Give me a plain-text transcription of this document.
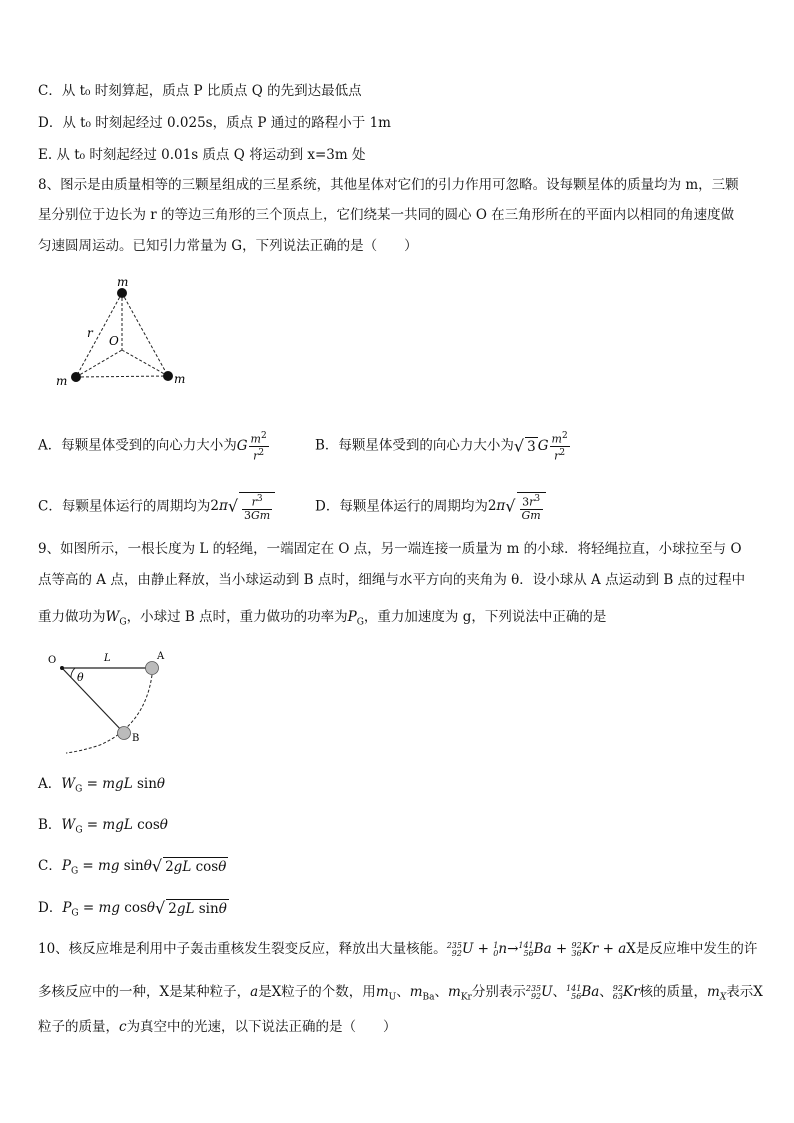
C．从 t₀ 时刻算起，质点 P 比质点 Q 的先到达最低点
D．从 t₀ 时刻起经过 0.025s，质点 P 通过的路程小于 1m
E. 从 t₀ 时刻起经过 0.01s 质点 Q 将运动到 x=3m 处
8、图示是由质量相等的三颗星组成的三星系统，其他星体对它们的引力作用可忽略。设每颗星体的质量均为 m，三颗
星分别位于边长为 r 的等边三角形的三个顶点上，它们绕某一共同的圆心 O 在三角形所在的平面内以相同的角速度做
匀速圆周运动。已知引力常量为 G，下列说法正确的是（　　）
m
m	m
r
O
A．每颗星体受到的向心力大小为G $\frac{m^2}{r^2}$	B．每颗星体受到的向心力大小为√ 3 G $\frac{m^2}{r^2}$
C．每颗星体运行的周期均为$2\pi√ \frac{r^3}{3Gm}$	D．每颗星体运行的周期均为$2\pi√ \frac{3r^3}{Gm}$
9、如图所示，一根长度为 L 的轻绳，一端固定在 O 点，另一端连接一质量为 m 的小球．将轻绳拉直，小球拉至与 O
点等高的 A 点，由静止释放，当小球运动到 B 点时，细绳与水平方向的夹角为 θ．设小球从 A 点运动到 B 点的过程中
重力做功为$W_G$，小球过 B 点时，重力做功的功率为$P_G$，重力加速度为 g，下列说法中正确的是
O	L	A
B
θ
A．$W_G$ = mgL sinθ
B．$W_G$ = mgL cosθ
C．$P_G$ = mg sinθ√ 2gL cosθ
D．$P_G$ = mg cosθ√ 2gL sinθ
10、核反应堆是利用中子轰击重核发生裂变反应，释放出大量核能。 235
92 U + 1
0 n→ 141
56 Ba + 92
36 Kr + aX是反应堆中发生的许
多核反应中的一种，X是某种粒子，a是X粒子的个数，用$m_U$、$m_{Ba}$、$m_{Kr}$分别表示 235
92 U、 141
56 Ba、 92
63 Kr核的质量，$m_X$表示X
粒子的质量，c为真空中的光速，以下说法正确的是（　　）
